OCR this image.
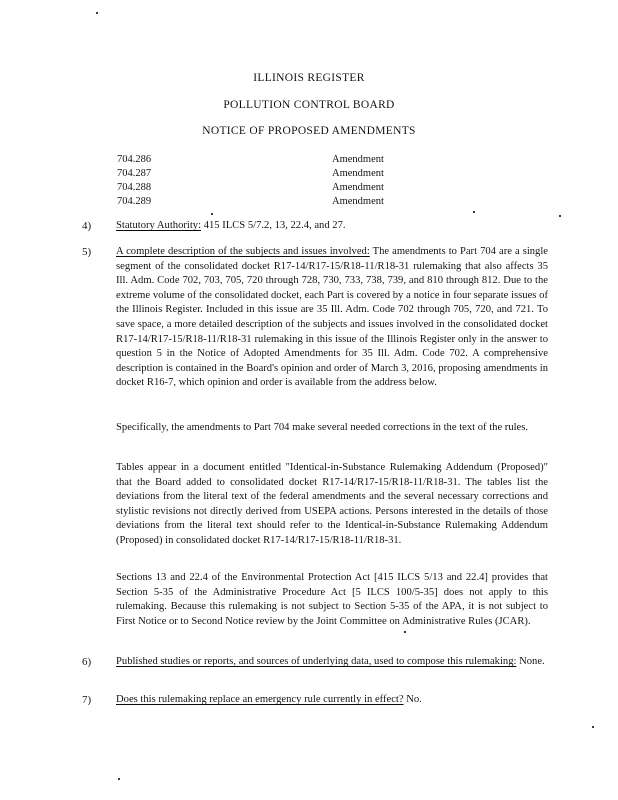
ILLINOIS REGISTER
POLLUTION CONTROL BOARD
NOTICE OF PROPOSED AMENDMENTS
704.286	Amendment
704.287	Amendment
704.288	Amendment
704.289	Amendment
4) Statutory Authority: 415 ILCS 5/7.2, 13, 22.4, and 27.
5) A complete description of the subjects and issues involved: The amendments to Part 704 are a single segment of the consolidated docket R17-14/R17-15/R18-11/R18-31 rulemaking that also affects 35 Ill. Adm. Code 702, 703, 705, 720 through 728, 730, 733, 738, 739, and 810 through 812. Due to the extreme volume of the consolidated docket, each Part is covered by a notice in four separate issues of the Illinois Register. Included in this issue are 35 Ill. Adm. Code 702 through 705, 720, and 721. To save space, a more detailed description of the subjects and issues involved in the consolidated docket R17-14/R17-15/R18-11/R18-31 rulemaking in this issue of the Illinois Register only in the answer to question 5 in the Notice of Adopted Amendments for 35 Ill. Adm. Code 702. A comprehensive description is contained in the Board's opinion and order of March 3, 2016, proposing amendments in docket R16-7, which opinion and order is available from the address below.
Specifically, the amendments to Part 704 make several needed corrections in the text of the rules.
Tables appear in a document entitled "Identical-in-Substance Rulemaking Addendum (Proposed)" that the Board added to consolidated docket R17-14/R17-15/R18-11/R18-31. The tables list the deviations from the literal text of the federal amendments and the several necessary corrections and stylistic revisions not directly derived from USEPA actions. Persons interested in the details of those deviations from the literal text should refer to the Identical-in-Substance Rulemaking Addendum (Proposed) in consolidated docket R17-14/R17-15/R18-11/R18-31.
Sections 13 and 22.4 of the Environmental Protection Act [415 ILCS 5/13 and 22.4] provides that Section 5-35 of the Administrative Procedure Act [5 ILCS 100/5-35] does not apply to this rulemaking. Because this rulemaking is not subject to Section 5-35 of the APA, it is not subject to First Notice or to Second Notice review by the Joint Committee on Administrative Rules (JCAR).
6) Published studies or reports, and sources of underlying data, used to compose this rulemaking: None.
7) Does this rulemaking replace an emergency rule currently in effect? No.
